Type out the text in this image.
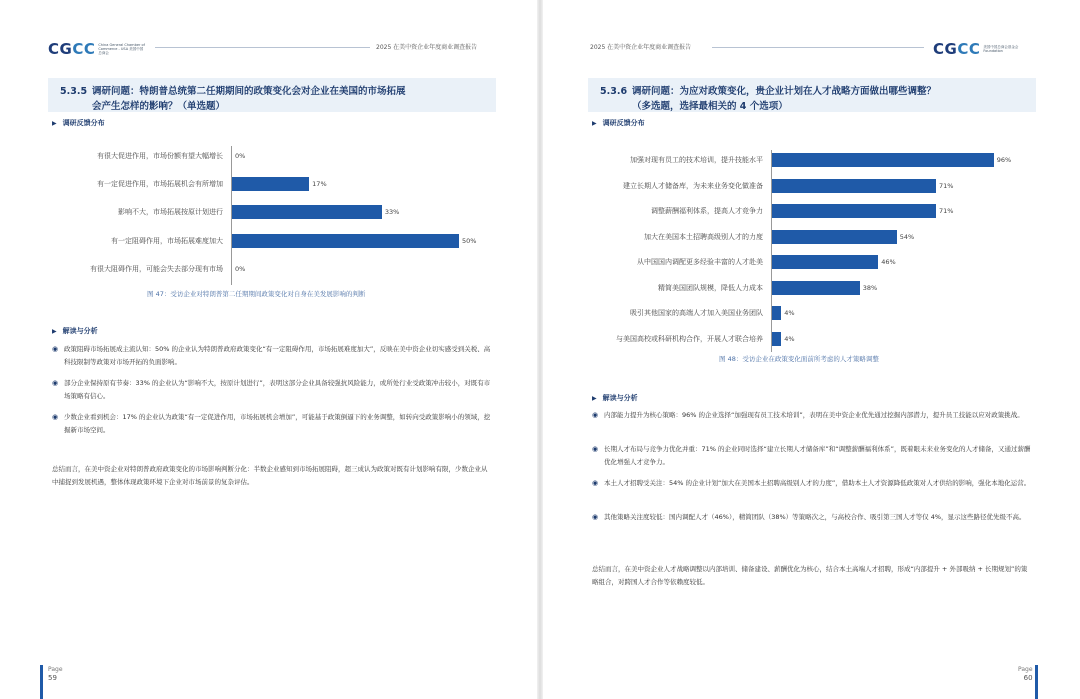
CGCC China General Chamber of Commerce - USA 美国中国总商会
2025 在美中资企业年度商业调查报告
5.3.5 调研问题：特朗普总统第二任期期间的政策变化会对企业在美国的市场拓展
会产生怎样的影响？（单选题）
▶ 调研反馈分布
有很大促进作用，市场份额有望大幅增长 0%
有一定促进作用，市场拓展机会有所增加	17%
影响不大，市场拓展按原计划进行	33%
有一定阻碍作用，市场拓展难度加大	50%
有很大阻碍作用，可能会失去部分现有市场 0%
图 47：受访企业对特朗普第二任期期间政策变化对自身在美发展影响的判断
▶ 解读与分析
◉ 政策阻碍市场拓展成主流认知：50% 的企业认为特朗普政府政策变化“有一定阻碍作用，市场拓展难度加大”，反映在美中资企业切实感受到关税、高科技限制等政策对市场开拓的负面影响。
◉ 部分企业保持原有节奏：33% 的企业认为“影响不大，按原计划进行”，表明这部分企业具备较强抗风险能力，或所处行业受政策冲击较小，对既有市场策略有信心。
◉ 少数企业看到机会：17% 的企业认为政策“有一定促进作用，市场拓展机会增加”，可能基于政策倒逼下的业务调整，如转向受政策影响小的领域，挖掘新市场空间。
总结而言，在美中资企业对特朗普政府政策变化的市场影响判断分化：半数企业感知到市场拓展阻碍，超三成认为政策对既有计划影响有限，少数企业从中捕捉到发展机遇，整体体现政策环境下企业对市场前景的复杂评估。
Page
59
2025 在美中资企业年度商业调查报告	CGCC 美国中国总商会基金会 Foundation
5.3.6 调研问题：为应对政策变化，贵企业计划在人才战略方面做出哪些调整？
（多选题，选择最相关的 4 个选项）
▶ 调研反馈分布
加强对现有员工的技术培训，提升技能水平	96%
建立长期人才储备库，为未来业务变化做准备	71%
调整薪酬福利体系，提高人才竞争力	71%
加大在美国本土招聘高级别人才的力度	54%
从中国国内调配更多经验丰富的人才赴美	46%
精简美国团队规模，降低人力成本	38%
吸引其他国家的高端人才加入美国业务团队	4%
与美国高校或科研机构合作，开展人才联合培养	4%
图 48：受访企业在政策变化面前所考虑的人才策略调整
▶ 解读与分析
◉ 内部能力提升为核心策略：96% 的企业选择“加强现有员工技术培训”，表明在美中资企业优先通过挖掘内部潜力，提升员工技能以应对政策挑战。
◉ 长期人才布局与竞争力优化并重：71% 的企业同时选择“建立长期人才储备库”和“调整薪酬福利体系”，既着眼未来业务变化的人才储备，又通过薪酬优化增强人才竞争力。
◉ 本土人才招聘受关注：54% 的企业计划“加大在美国本土招聘高级别人才的力度”，借助本土人才资源降低政策对人才供给的影响，强化本地化运营。
◉ 其他策略关注度较低：国内调配人才（46%），精简团队（38%）等策略次之，与高校合作、吸引第三国人才等仅 4%，显示这些路径优先级不高。
总结而言，在美中资企业人才战略调整以内部培训、储备建设、薪酬优化为核心，结合本土高端人才招聘，形成“内部提升 + 外部吸纳 + 长期规划”的策略组合，对跨国人才合作等依赖度较低。
Page
60
